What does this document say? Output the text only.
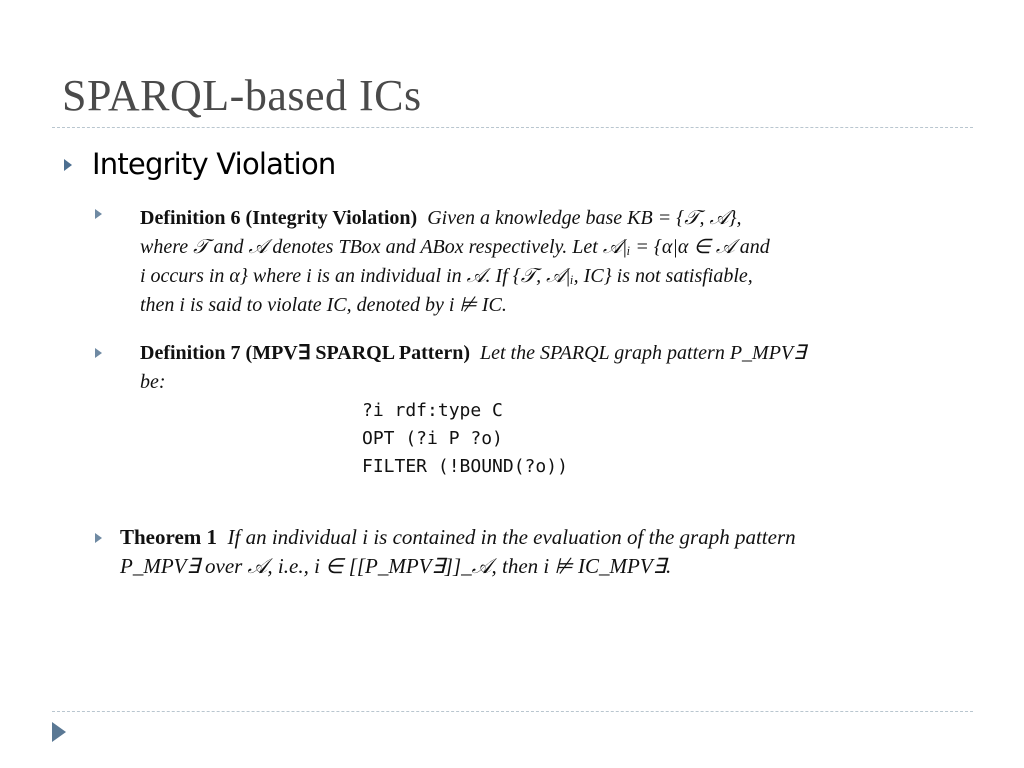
SPARQL-based ICs
Integrity Violation
Definition 6 (Integrity Violation) Given a knowledge base KB = {𝒯, 𝒜},
where 𝒯 and 𝒜 denotes TBox and ABox respectively. Let 𝒜|ᵢ = {α|α ∈ 𝒜 and
i occurs in α} where i is an individual in 𝒜. If {𝒯, 𝒜|ᵢ, IC} is not satisfiable,
then i is said to violate IC, denoted by i ⊭ IC.
Definition 7 (MPV∃ SPARQL Pattern) Let the SPARQL graph pattern P_MPV∃
be:
?i rdf:type C
OPT (?i P ?o)
FILTER (!BOUND(?o))
Theorem 1 If an individual i is contained in the evaluation of the graph pattern
P_MPV∃ over 𝒜, i.e., i ∈ [[P_MPV∃]]_𝒜, then i ⊭ IC_MPV∃.
